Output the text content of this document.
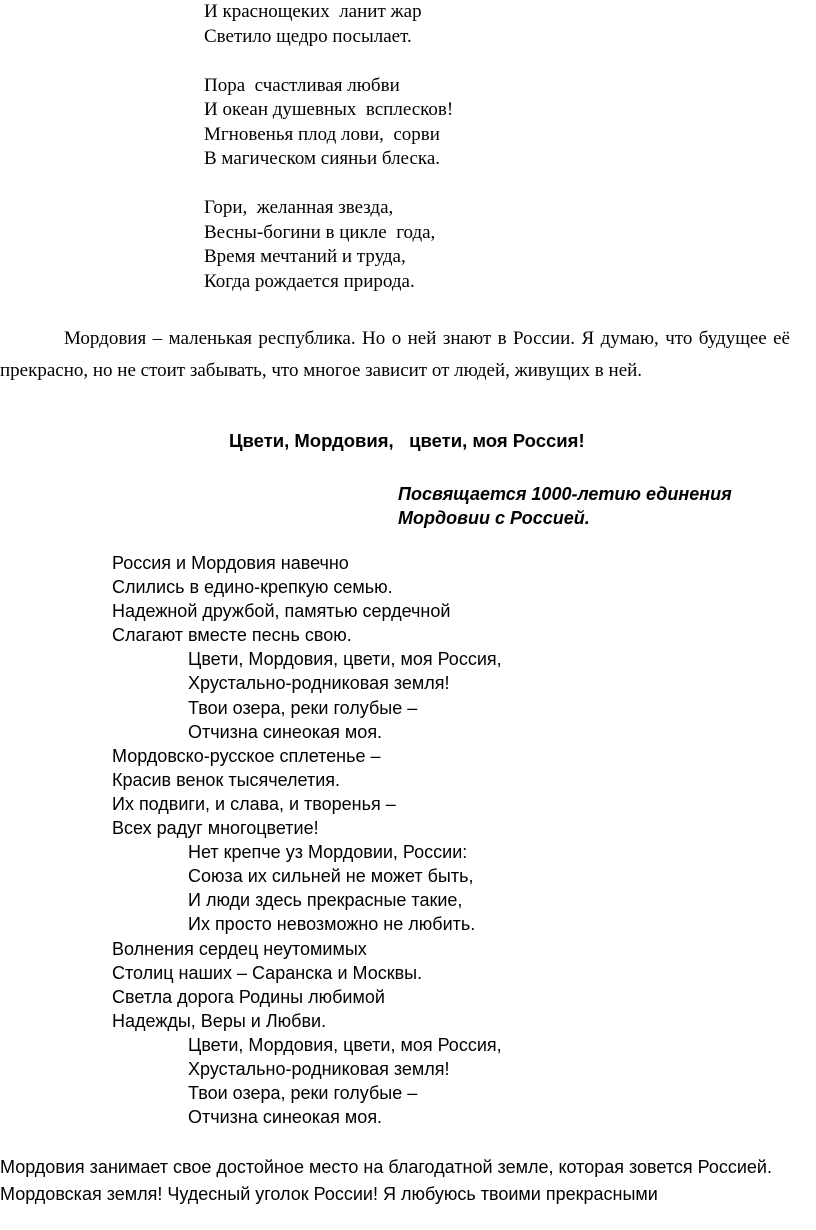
И краснощеких  ланит жар
Светило щедро посылает.
Пора  счастливая любви
И океан душевных  всплесков!
Мгновенья плод лови,  сорви
В магическом сияньи блеска.
Гори,  желанная звезда,
Весны-богини в цикле  года,
Время мечтаний и труда,
Когда рождается природа.
Мордовия – маленькая республика. Но о ней знают в России. Я думаю, что будущее её прекрасно, но не стоит забывать, что многое зависит от людей, живущих в ней.
Цвети, Мордовия,   цвети, моя Россия!
Посвящается 1000-летию единения
Мордовии с Россией.
Россия и Мордовия навечно
Слились в едино-крепкую семью.
Надежной дружбой, памятью сердечной
Слагают вместе песнь свою.
Цвети, Мордовия, цвети, моя Россия,
Хрустально-родниковая земля!
Твои озера, реки голубые –
Отчизна синеокая моя.
Мордовско-русское сплетенье –
Красив венок тысячелетия.
Их подвиги, и слава, и творенья –
Всех радуг многоцветие!
Нет крепче уз Мордовии, России:
Союза их сильней не может быть,
И люди здесь прекрасные такие,
Их просто невозможно не любить.
Волнения сердец неутомимых
Столиц наших – Саранска и Москвы.
Светла дорога Родины любимой
Надежды, Веры и Любви.
Цвети, Мордовия, цвети, моя Россия,
Хрустально-родниковая земля!
Твои озера, реки голубые –
Отчизна синеокая моя.
Мордовия занимает свое достойное место на благодатной земле, которая зовется Россией.
Мордовская земля! Чудесный уголок России! Я любуюсь твоими прекрасными
